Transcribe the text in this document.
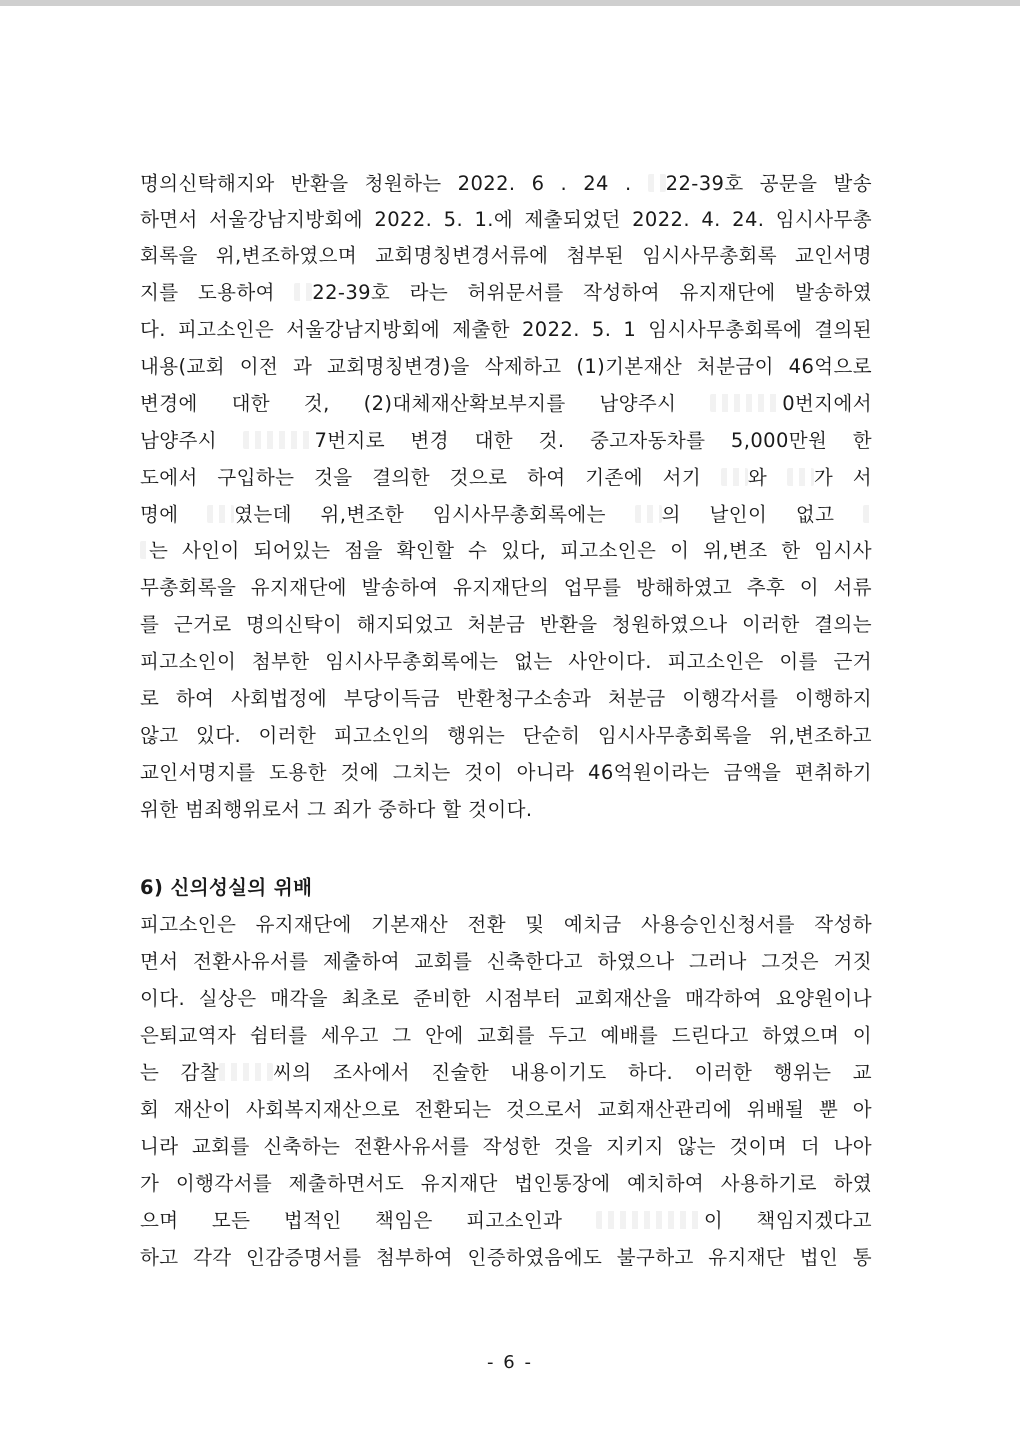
명의신탁해지와 반환을 청원하는 2022. 6 . 24 . 22-39호 공문을 발송
하면서 서울강남지방회에 2022. 5. 1.에 제출되었던 2022. 4. 24. 임시사무총
회록을 위,변조하였으며 교회명칭변경서류에 첨부된 임시사무총회록 교인서명
지를 도용하여 22-39호 라는 허위문서를 작성하여 유지재단에 발송하였
다. 피고소인은 서울강남지방회에 제출한 2022. 5. 1 임시사무총회록에 결의된
내용(교회 이전 과 교회명칭변경)을 삭제하고 (1)기본재산 처분금이 46억으로
변경에 대한 것, (2)대체재산확보부지를 남양주시	0번지에서
남양주시	7번지로 변경 대한 것. 중고자동차를 5,000만원 한
도에서 구입하는 것을 결의한 것으로 하여 기존에 서기 와 가 서
명에 였는데 위,변조한 임시사무총회록에는 의 날인이 없고
는 사인이 되어있는 점을 확인할 수 있다, 피고소인은 이 위,변조 한 임시사
무총회록을 유지재단에 발송하여 유지재단의 업무를 방해하였고 추후 이 서류
를 근거로 명의신탁이 해지되었고 처분금 반환을 청원하였으나 이러한 결의는
피고소인이 첨부한 임시사무총회록에는 없는 사안이다. 피고소인은 이를 근거
로 하여 사회법정에 부당이득금 반환청구소송과 처분금 이행각서를 이행하지
않고 있다. 이러한 피고소인의 행위는 단순히 임시사무총회록을 위,변조하고
교인서명지를 도용한 것에 그치는 것이 아니라 46억원이라는 금액을 편취하기
위한 범죄행위로서 그 죄가 중하다 할 것이다.
6) 신의성실의 위배
피고소인은 유지재단에 기본재산 전환 및 예치금 사용승인신청서를 작성하
면서 전환사유서를 제출하여 교회를 신축한다고 하였으나 그러나 그것은 거짓
이다. 실상은 매각을 최초로 준비한 시점부터 교회재산을 매각하여 요양원이나
은퇴교역자 쉼터를 세우고 그 안에 교회를 두고 예배를 드린다고 하였으며 이
는 감찰	씨의 조사에서 진술한 내용이기도 하다. 이러한 행위는 교
회 재산이 사회복지재산으로 전환되는 것으로서 교회재산관리에 위배될 뿐 아
니라 교회를 신축하는 전환사유서를 작성한 것을 지키지 않는 것이며 더 나아
가 이행각서를 제출하면서도 유지재단 법인통장에 예치하여 사용하기로 하였
으며 모든 법적인 책임은 피고소인과	이 책임지겠다고
하고 각각 인감증명서를 첨부하여 인증하였음에도 불구하고 유지재단 법인 통
- 6 -
